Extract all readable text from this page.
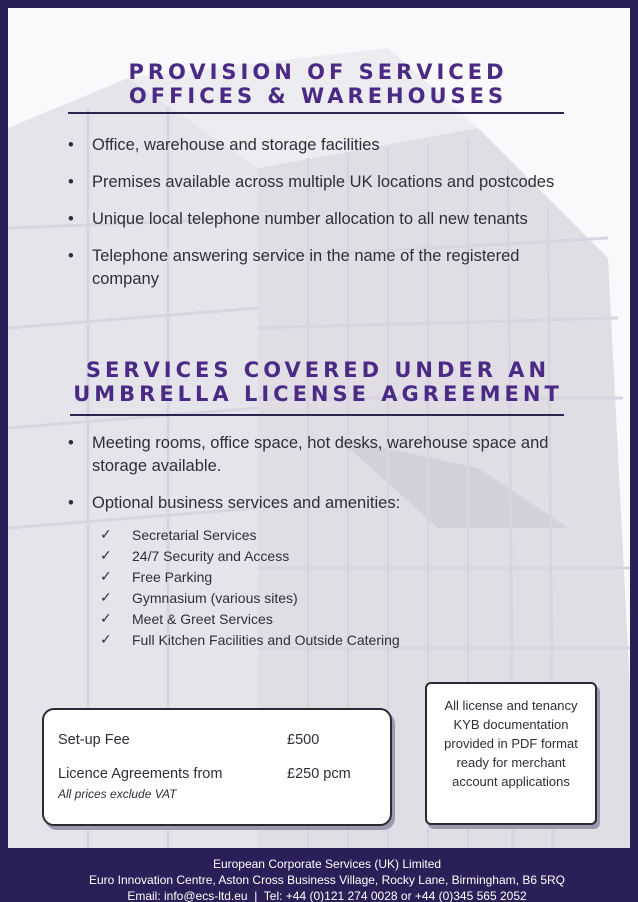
PROVISION OF SERVICED
OFFICES & WAREHOUSES
• Office, warehouse and storage facilities
• Premises available across multiple UK locations and postcodes
• Unique local telephone number allocation to all new tenants
• Telephone answering service in the name of the registered company
SERVICES COVERED UNDER AN
UMBRELLA LICENSE AGREEMENT
• Meeting rooms, office space, hot desks, warehouse space and storage available.
• Optional business services and amenities:
✓ Secretarial Services
✓ 24/7 Security and Access
✓ Free Parking
✓ Gymnasium (various sites)
✓ Meet & Greet Services
✓ Full Kitchen Facilities and Outside Catering
Set-up Fee	£500
Licence Agreements from	£250 pcm
All prices exclude VAT
All license and tenancy KYB documentation provided in PDF format ready for merchant account applications
European Corporate Services (UK) Limited
Euro Innovation Centre, Aston Cross Business Village, Rocky Lane, Birmingham, B6 5RQ
Email: info@ecs-ltd.eu  |  Tel: +44 (0)121 274 0028 or +44 (0)345 565 2052
